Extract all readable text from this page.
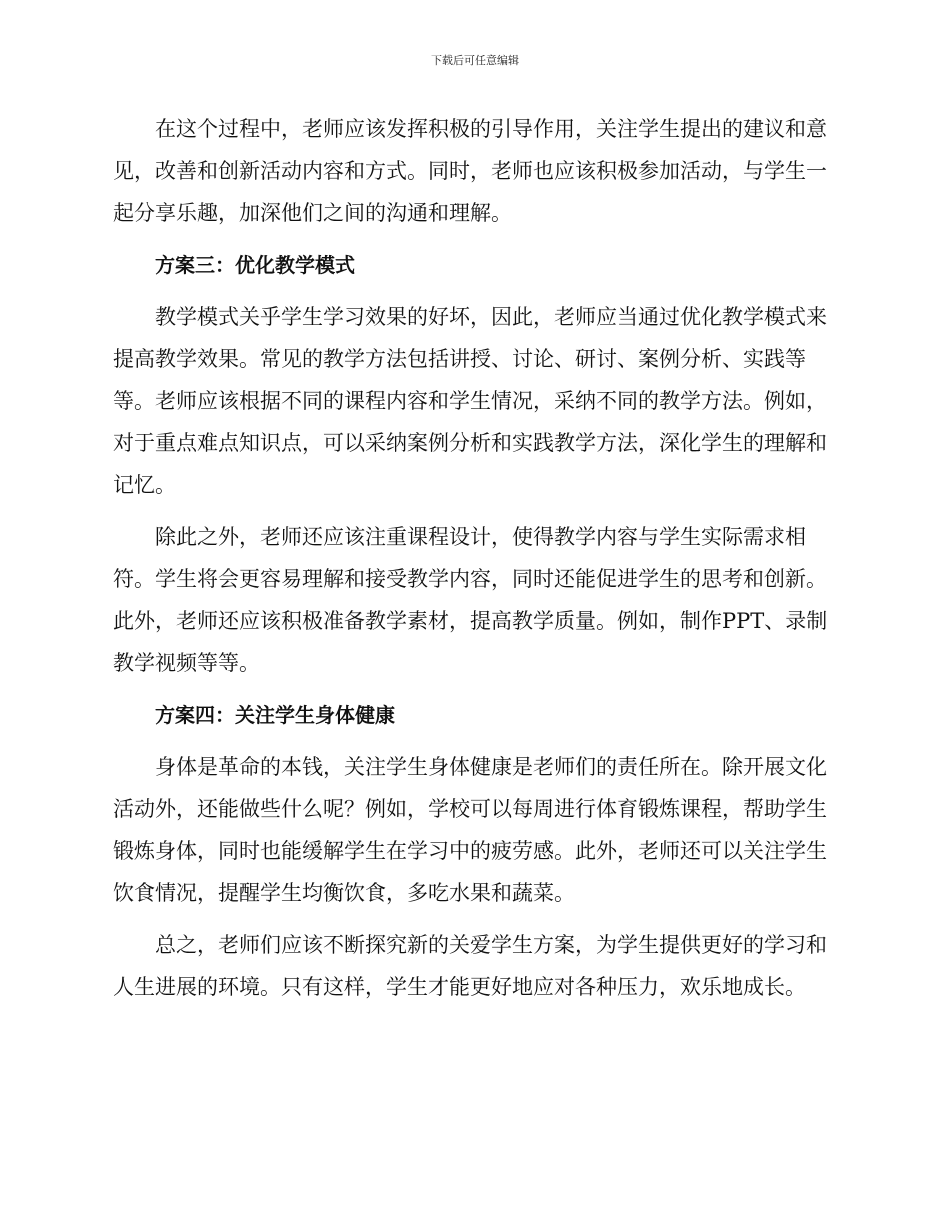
下载后可任意编辑

在这个过程中，老师应该发挥积极的引导作用，关注学生提出的建议和意见，改善和创新活动内容和方式。同时，老师也应该积极参加活动，与学生一起分享乐趣，加深他们之间的沟通和理解。

方案三：优化教学模式

教学模式关乎学生学习效果的好坏，因此，老师应当通过优化教学模式来提高教学效果。常见的教学方法包括讲授、讨论、研讨、案例分析、实践等等。老师应该根据不同的课程内容和学生情况，采纳不同的教学方法。例如，对于重点难点知识点，可以采纳案例分析和实践教学方法，深化学生的理解和记忆。

除此之外，老师还应该注重课程设计，使得教学内容与学生实际需求相符。学生将会更容易理解和接受教学内容，同时还能促进学生的思考和创新。此外，老师还应该积极准备教学素材，提高教学质量。例如，制作PPT、录制教学视频等等。

方案四：关注学生身体健康

身体是革命的本钱，关注学生身体健康是老师们的责任所在。除开展文化活动外，还能做些什么呢？例如，学校可以每周进行体育锻炼课程，帮助学生锻炼身体，同时也能缓解学生在学习中的疲劳感。此外，老师还可以关注学生饮食情况，提醒学生均衡饮食，多吃水果和蔬菜。

总之，老师们应该不断探究新的关爱学生方案，为学生提供更好的学习和人生进展的环境。只有这样，学生才能更好地应对各种压力，欢乐地成长。
